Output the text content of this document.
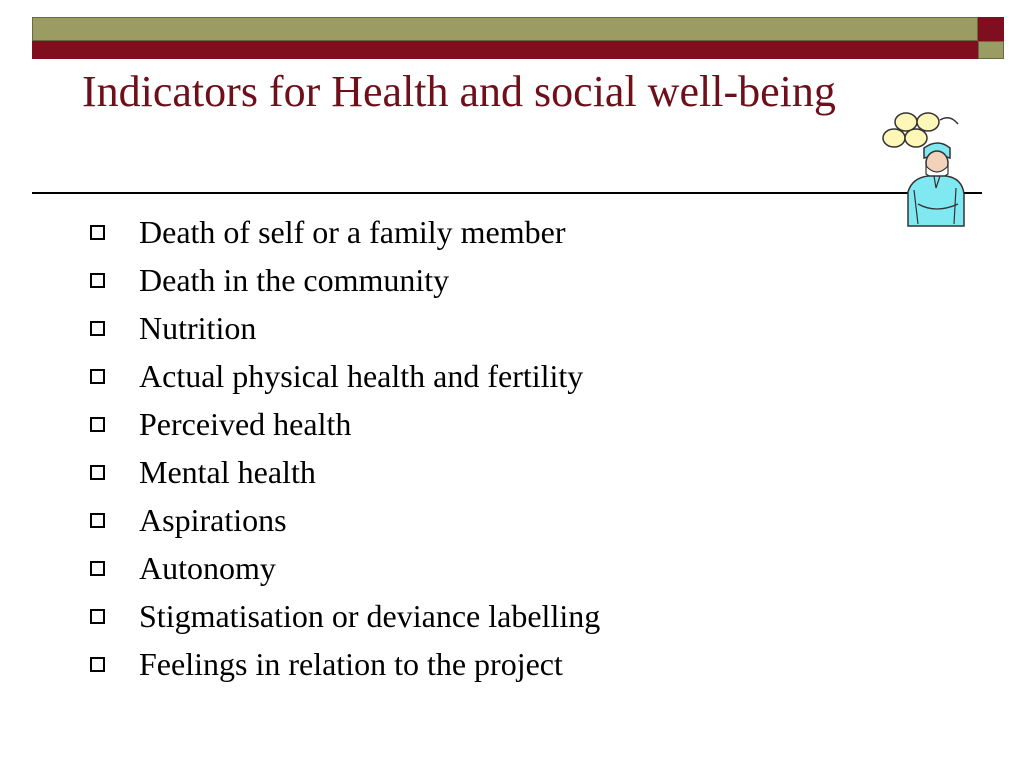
Indicators for Health and social well-being
Death of self or a family member
Death in the community
Nutrition
Actual physical health and fertility
Perceived health
Mental health
Aspirations
Autonomy
Stigmatisation or deviance labelling
Feelings in relation to the project
